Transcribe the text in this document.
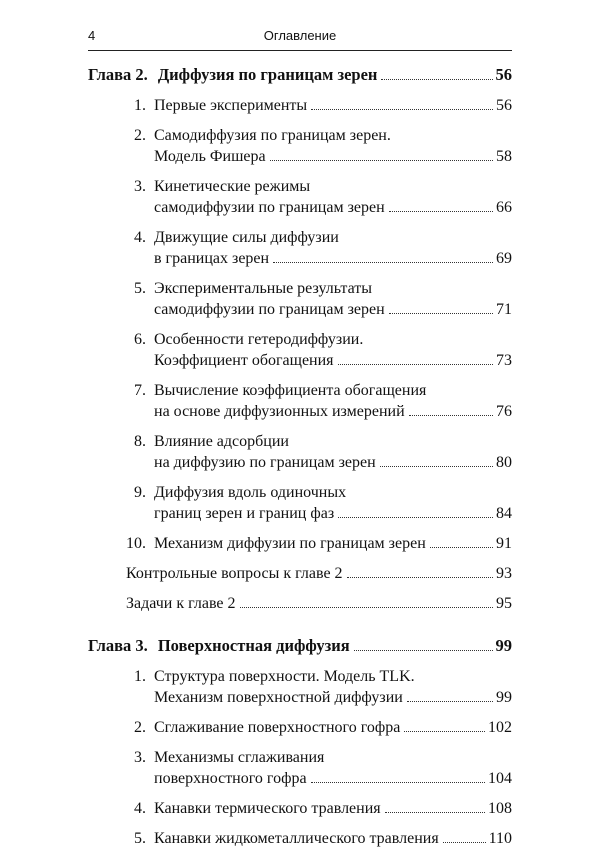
4	Оглавление
Глава 2. Диффузия по границам зерен	56
1. Первые эксперименты	56
2. Самодиффузия по границам зерен.
Модель Фишера	58
3. Кинетические режимы
самодиффузии по границам зерен	66
4. Движущие силы диффузии
в границах зерен	69
5. Экспериментальные результаты
самодиффузии по границам зерен	71
6. Особенности гетеродиффузии.
Коэффициент обогащения	73
7. Вычисление коэффициента обогащения
на основе диффузионных измерений	76
8. Влияние адсорбции
на диффузию по границам зерен	80
9. Диффузия вдоль одиночных
границ зерен и границ фаз	84
10. Механизм диффузии по границам зерен	91
Контрольные вопросы к главе 2	93
Задачи к главе 2	95
Глава 3. Поверхностная диффузия	99
1. Структура поверхности. Модель TLK.
Механизм поверхностной диффузии	99
2. Сглаживание поверхностного гофра	102
3. Механизмы сглаживания
поверхностного гофра	104
4. Канавки термического травления	108
5. Канавки жидкометаллического травления	110
